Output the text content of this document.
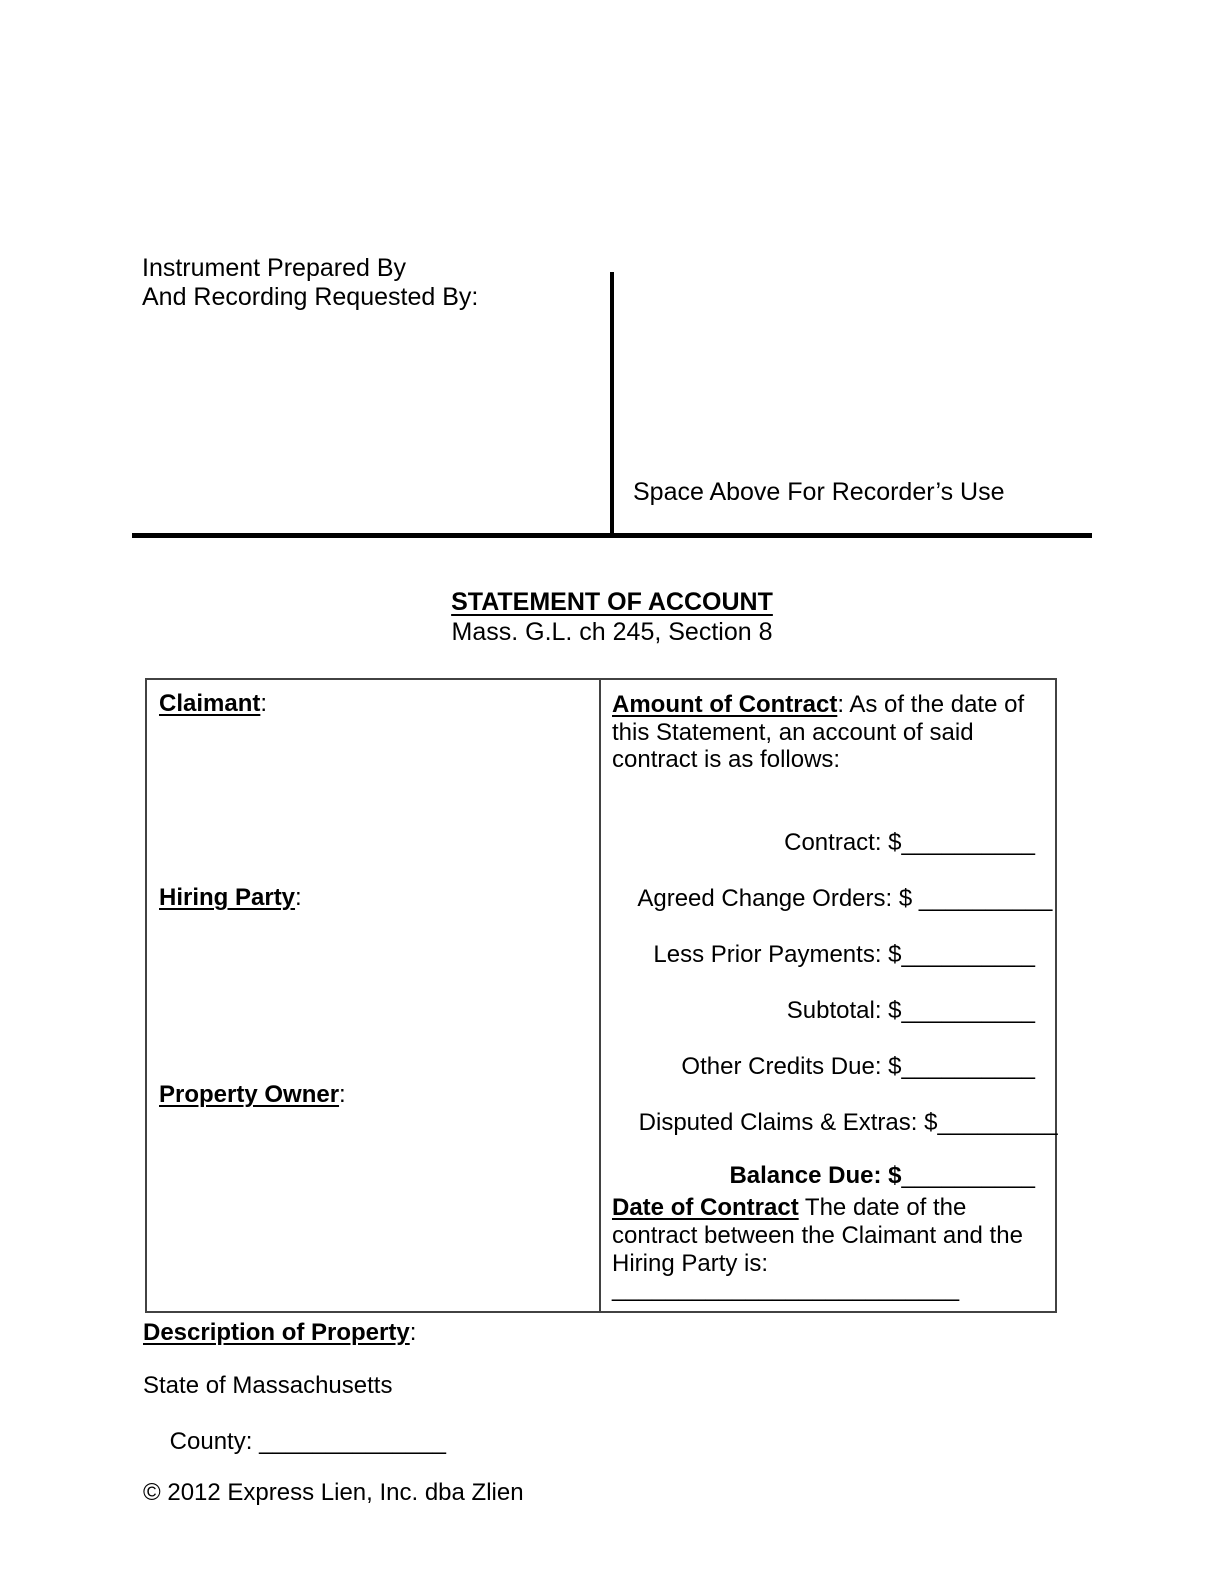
Instrument Prepared By
And Recording Requested By:
Space Above For Recorder’s Use
STATEMENT OF ACCOUNT
Mass. G.L. ch 245, Section 8
Claimant:
Hiring Party:
Property Owner:
Amount of Contract: As of the date of this Statement, an account of said contract is as follows:

Contract: $__________

Agreed Change Orders: $ __________

Less Prior Payments: $__________

Subtotal: $__________

Other Credits Due: $__________

Disputed Claims & Extras: $_________

Balance Due: $__________

Date of Contract The date of the contract between the Claimant and the Hiring Party is:
__________________________
Description of Property:
State of Massachusetts

County: ______________

© 2012 Express Lien, Inc. dba Zlien
